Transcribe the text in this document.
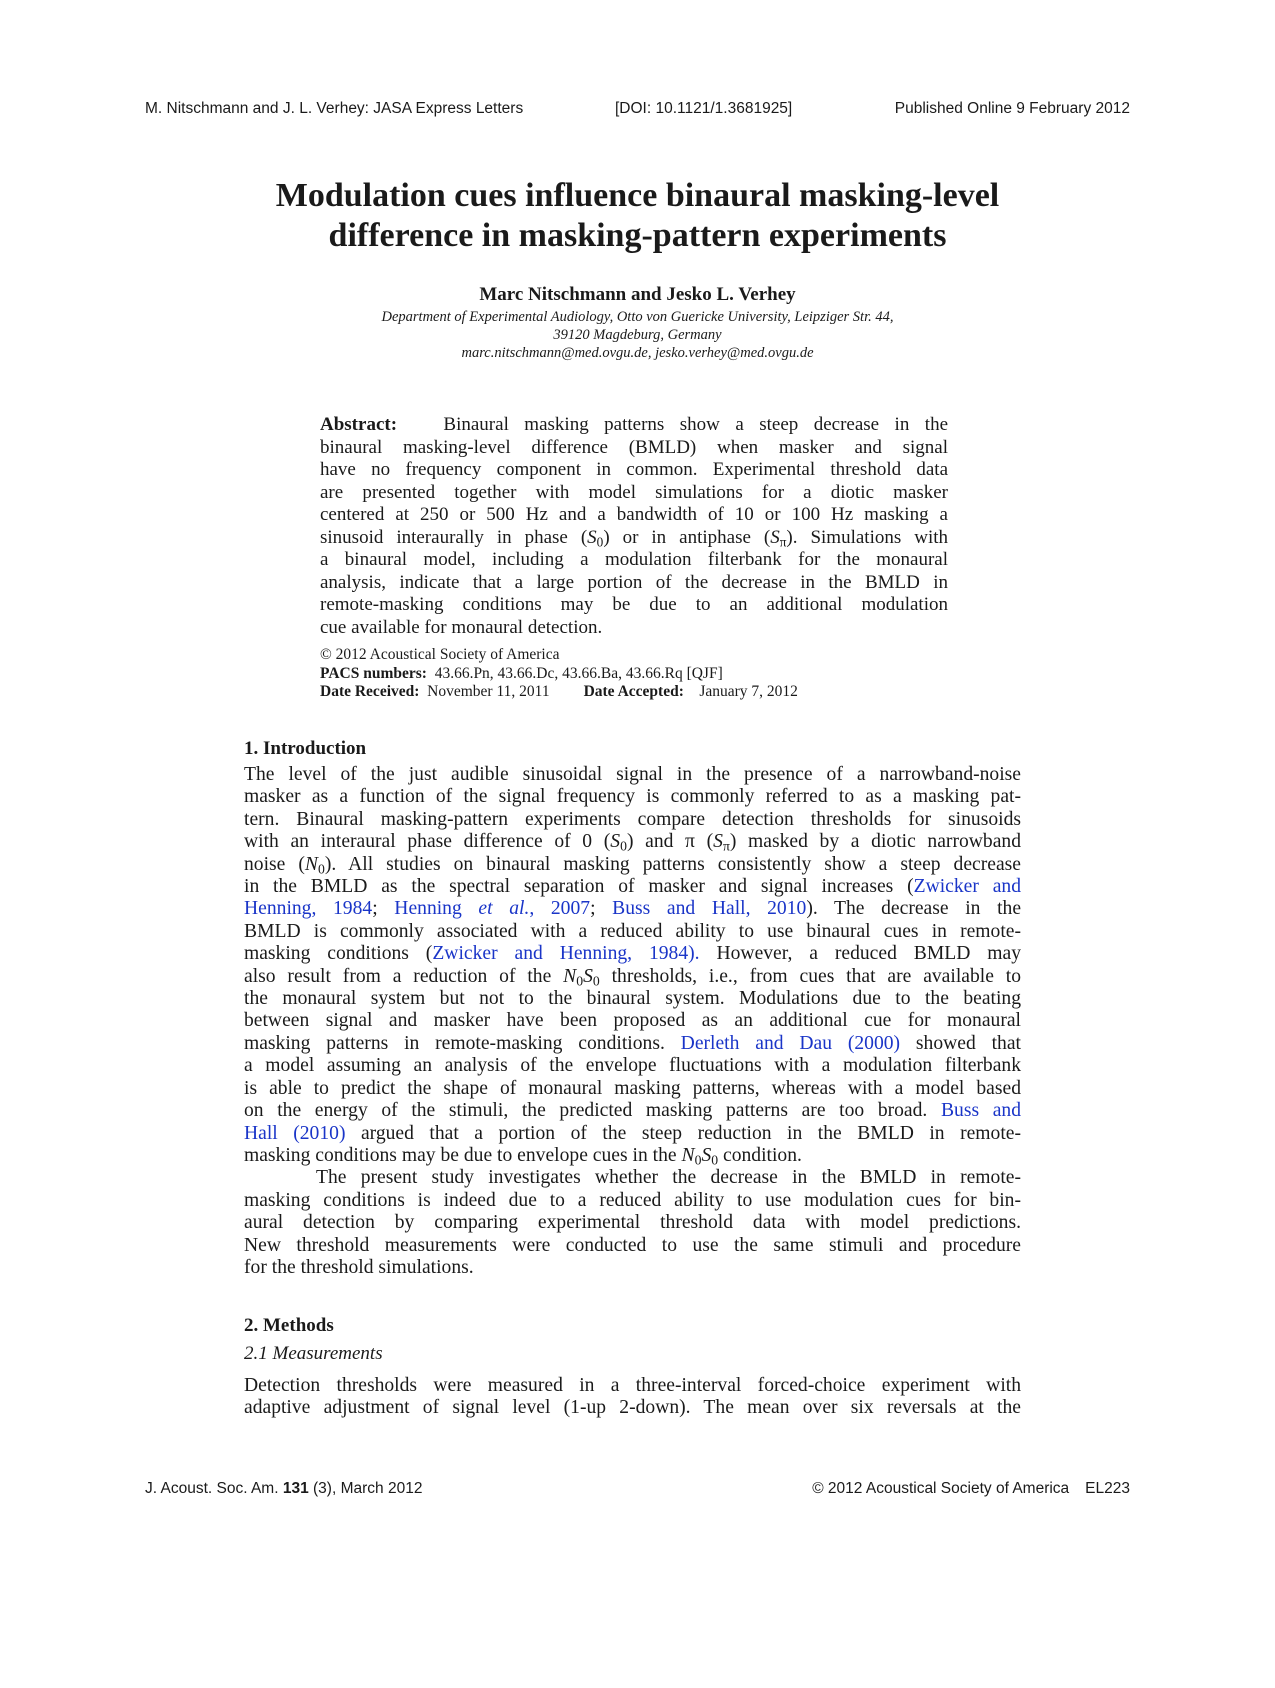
M. Nitschmann and J. L. Verhey: JASA Express Letters	[DOI: 10.1121/1.3681925]	Published Online 9 February 2012
Modulation cues influence binaural masking-level
difference in masking-pattern experiments
Marc Nitschmann and Jesko L. Verhey
Department of Experimental Audiology, Otto von Guericke University, Leipziger Str. 44,
39120 Magdeburg, Germany
marc.nitschmann@med.ovgu.de, jesko.verhey@med.ovgu.de
Abstract: Binaural masking patterns show a steep decrease in the
binaural masking-level difference (BMLD) when masker and signal
have no frequency component in common. Experimental threshold data
are presented together with model simulations for a diotic masker
centered at 250 or 500 Hz and a bandwidth of 10 or 100 Hz masking a
sinusoid interaurally in phase $(S_0)$ or in antiphase $(S_\pi)$. Simulations with
a binaural model, including a modulation filterbank for the monaural
analysis, indicate that a large portion of the decrease in the BMLD in
remote-masking conditions may be due to an additional modulation
cue available for monaural detection.
© 2012 Acoustical Society of America
PACS numbers: 43.66.Pn, 43.66.Dc, 43.66.Ba, 43.66.Rq [QJF]
Date Received: November 11, 2011 Date Accepted: January 7, 2012
1. Introduction
The level of the just audible sinusoidal signal in the presence of a narrowband-noise
masker as a function of the signal frequency is commonly referred to as a masking pat-
tern. Binaural masking-pattern experiments compare detection thresholds for sinusoids
with an interaural phase difference of 0 $(S_0)$ and π $(S_\pi)$ masked by a diotic narrowband
noise $(N_0)$. All studies on binaural masking patterns consistently show a steep decrease
in the BMLD as the spectral separation of masker and signal increases (Zwicker and
Henning, 1984; Henning et al., 2007; Buss and Hall, 2010). The decrease in the
BMLD is commonly associated with a reduced ability to use binaural cues in remote-
masking conditions (Zwicker and Henning, 1984). However, a reduced BMLD may
also result from a reduction of the $N_0S_0$ thresholds, i.e., from cues that are available to
the monaural system but not to the binaural system. Modulations due to the beating
between signal and masker have been proposed as an additional cue for monaural
masking patterns in remote-masking conditions. Derleth and Dau (2000) showed that
a model assuming an analysis of the envelope fluctuations with a modulation filterbank
is able to predict the shape of monaural masking patterns, whereas with a model based
on the energy of the stimuli, the predicted masking patterns are too broad. Buss and
Hall (2010) argued that a portion of the steep reduction in the BMLD in remote-
masking conditions may be due to envelope cues in the $N_0S_0$ condition.
The present study investigates whether the decrease in the BMLD in remote-
masking conditions is indeed due to a reduced ability to use modulation cues for bin-
aural detection by comparing experimental threshold data with model predictions.
New threshold measurements were conducted to use the same stimuli and procedure
for the threshold simulations.
2. Methods
2.1 Measurements
Detection thresholds were measured in a three-interval forced-choice experiment with
adaptive adjustment of signal level (1-up 2-down). The mean over six reversals at the
J. Acoust. Soc. Am. 131 (3), March 2012	© 2012 Acoustical Society of America EL223
